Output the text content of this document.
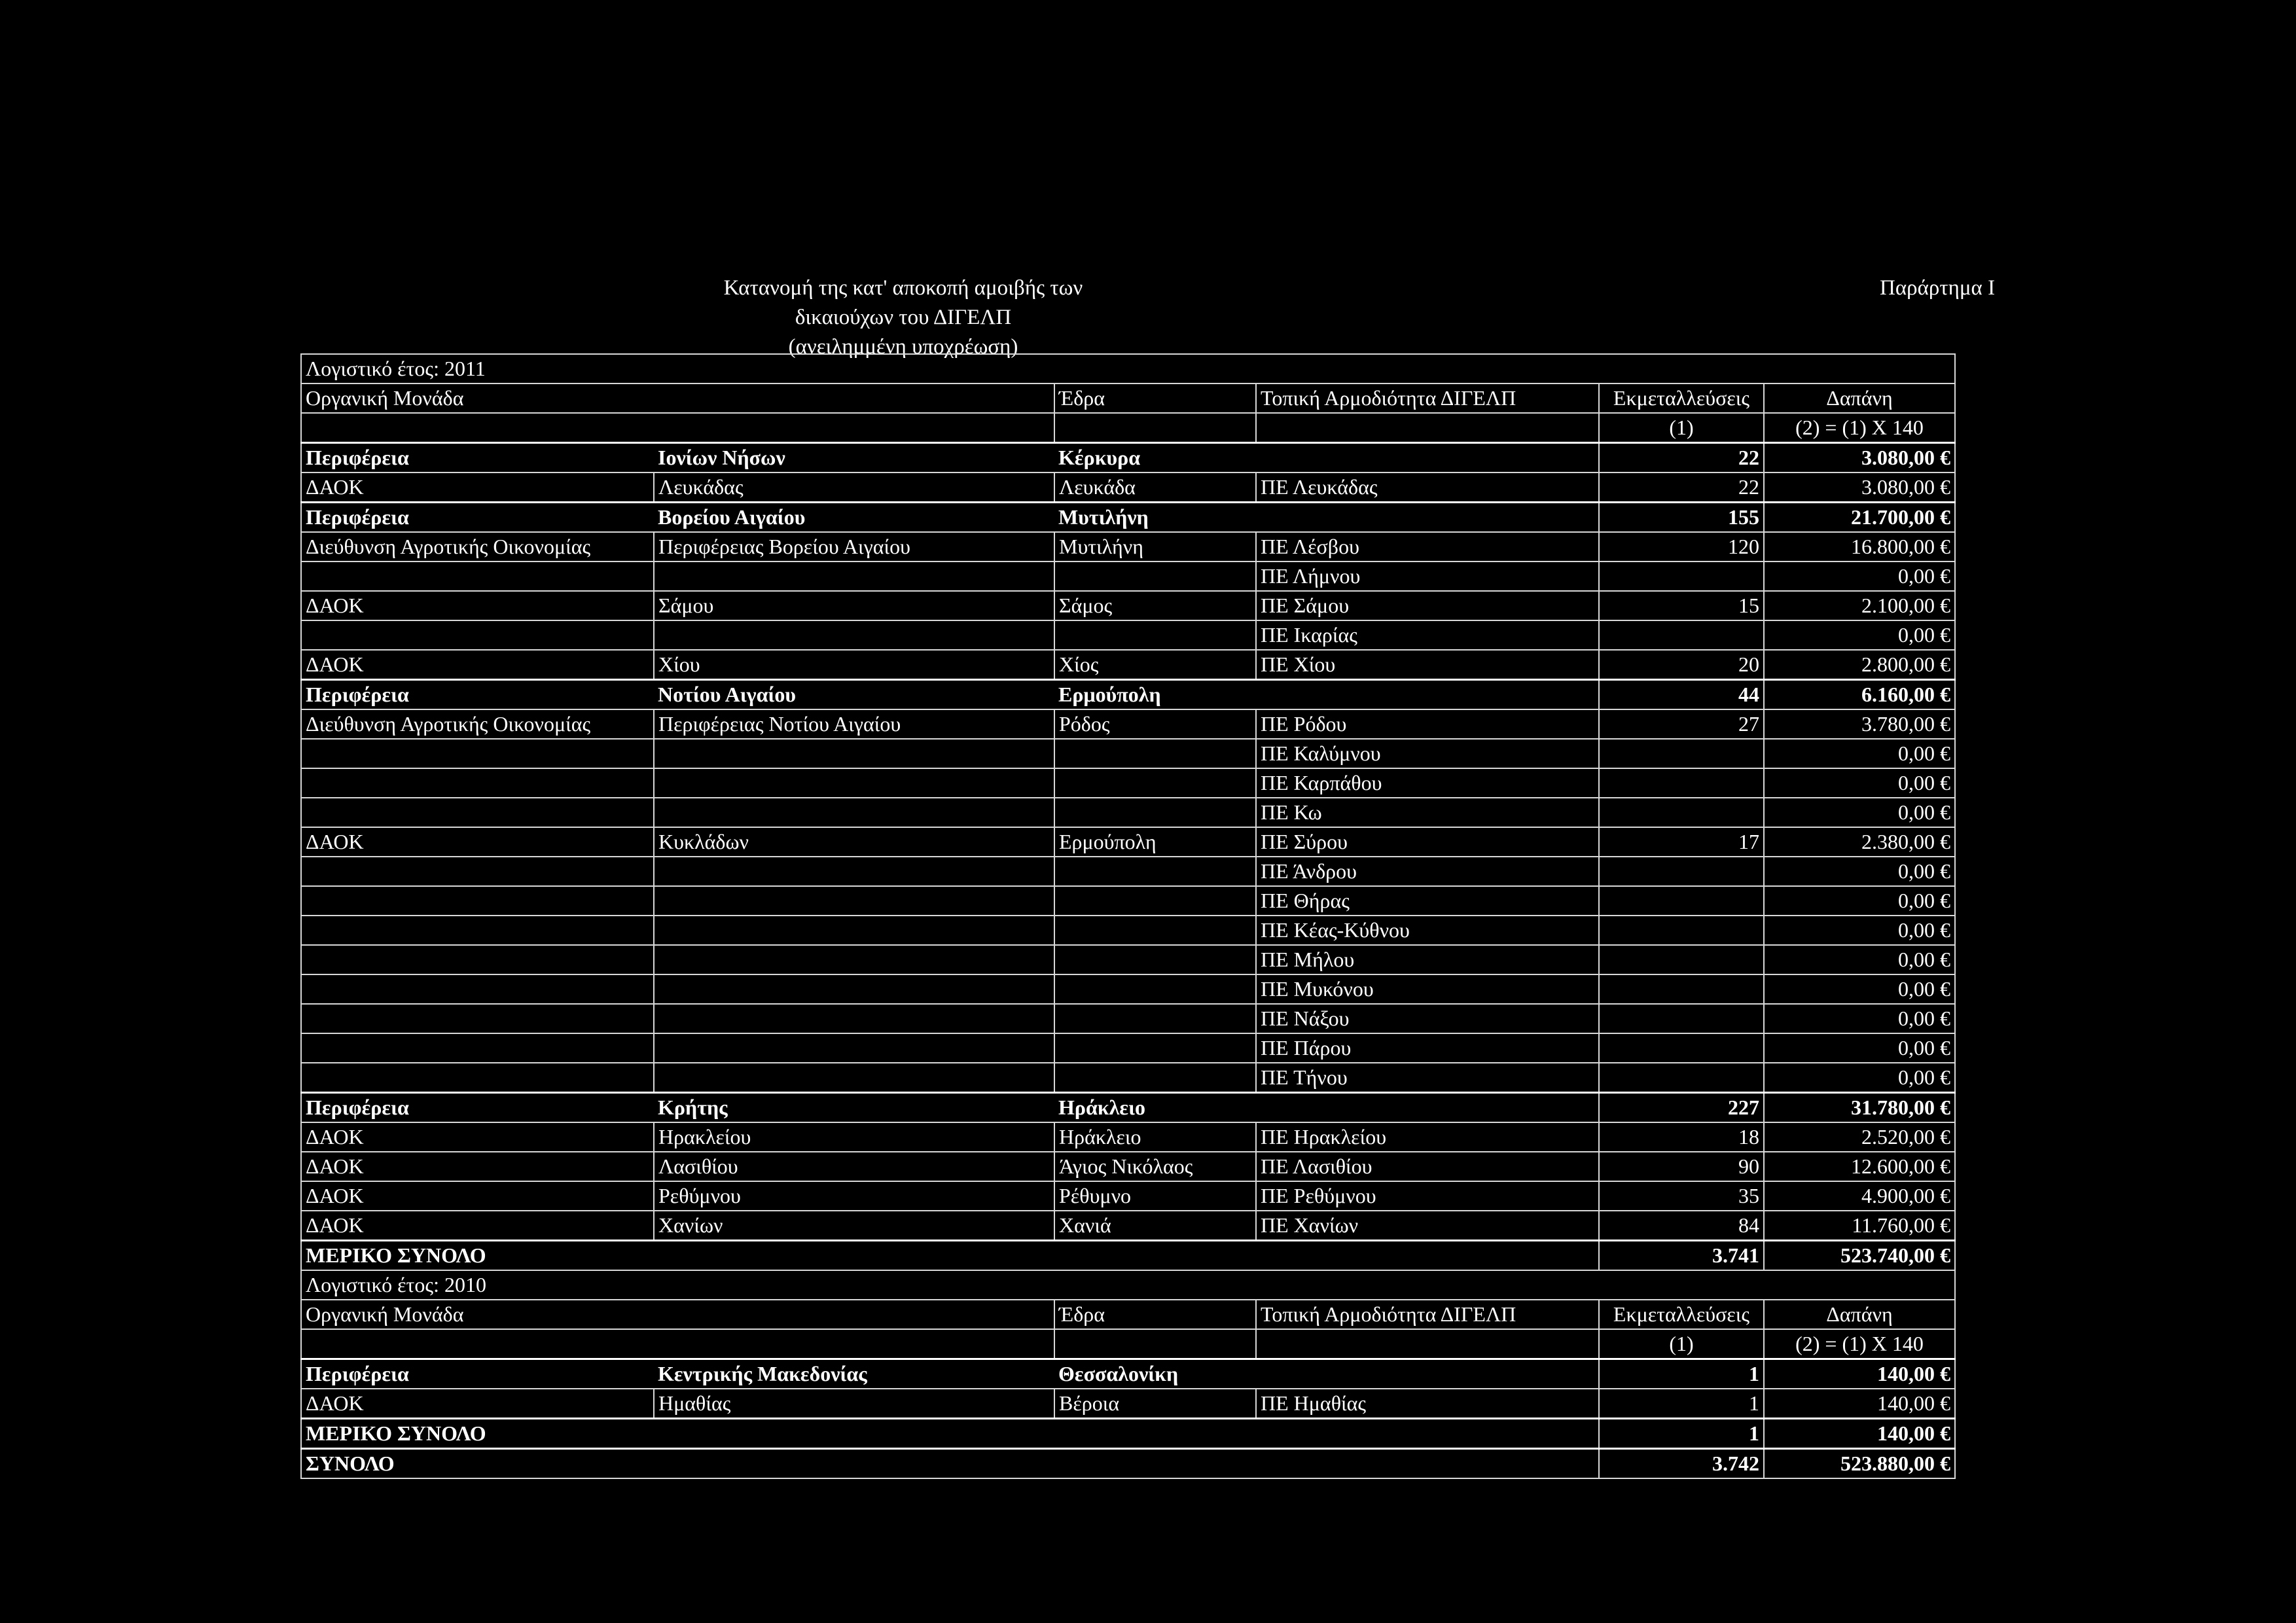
Κατανομή της κατ' αποκοπή αμοιβής των δικαιούχων του ΔΙΓΕΛΠ
(ανειλημμένη υποχρέωση)
Παράρτημα Ι
Λογιστικό έτος: 2011					
Οργανική Μονάδα		Έδρα	Τοπική Αρμοδιότητα ΔΙΓΕΛΠ	Εκμεταλλεύσεις	Δαπάνη
				(1)	(2) = (1) Χ 140
Περιφέρεια	Ιονίων Νήσων	Κέρκυρα		22	3.080,00 €
ΔΑΟΚ	Λευκάδας	Λευκάδα	ΠΕ Λευκάδας	22	3.080,00 €
Περιφέρεια	Βορείου Αιγαίου	Μυτιλήνη		155	21.700,00 €
Διεύθυνση Αγροτικής Οικονομίας	Περιφέρειας Βορείου Αιγαίου	Μυτιλήνη	ΠΕ Λέσβου	120	16.800,00 €
			ΠΕ Λήμνου		0,00 €
ΔΑΟΚ	Σάμου	Σάμος	ΠΕ Σάμου	15	2.100,00 €
			ΠΕ Ικαρίας		0,00 €
ΔΑΟΚ	Χίου	Χίος	ΠΕ Χίου	20	2.800,00 €
Περιφέρεια	Νοτίου Αιγαίου	Ερμούπολη		44	6.160,00 €
Διεύθυνση Αγροτικής Οικονομίας	Περιφέρειας Νοτίου Αιγαίου	Ρόδος	ΠΕ Ρόδου	27	3.780,00 €
			ΠΕ Καλύμνου		0,00 €
			ΠΕ Καρπάθου		0,00 €
			ΠΕ Κω		0,00 €
ΔΑΟΚ	Κυκλάδων	Ερμούπολη	ΠΕ Σύρου	17	2.380,00 €
			ΠΕ Άνδρου		0,00 €
			ΠΕ Θήρας		0,00 €
			ΠΕ Κέας-Κύθνου		0,00 €
			ΠΕ Μήλου		0,00 €
			ΠΕ Μυκόνου		0,00 €
			ΠΕ Νάξου		0,00 €
			ΠΕ Πάρου		0,00 €
			ΠΕ Τήνου		0,00 €
Περιφέρεια	Κρήτης	Ηράκλειο		227	31.780,00 €
ΔΑΟΚ	Ηρακλείου	Ηράκλειο	ΠΕ Ηρακλείου	18	2.520,00 €
ΔΑΟΚ	Λασιθίου	Άγιος Νικόλαος	ΠΕ Λασιθίου	90	12.600,00 €
ΔΑΟΚ	Ρεθύμνου	Ρέθυμνο	ΠΕ Ρεθύμνου	35	4.900,00 €
ΔΑΟΚ	Χανίων	Χανιά	ΠΕ Χανίων	84	11.760,00 €
ΜΕΡΙΚΟ ΣΥΝΟΛΟ				3.741	523.740,00 €
Λογιστικό έτος: 2010					
Οργανική Μονάδα		Έδρα	Τοπική Αρμοδιότητα ΔΙΓΕΛΠ	Εκμεταλλεύσεις	Δαπάνη
				(1)	(2) = (1) Χ 140
Περιφέρεια	Κεντρικής Μακεδονίας	Θεσσαλονίκη		1	140,00 €
ΔΑΟΚ	Ημαθίας	Βέροια	ΠΕ Ημαθίας	1	140,00 €
ΜΕΡΙΚΟ ΣΥΝΟΛΟ				1	140,00 €
ΣΥΝΟΛΟ				3.742	523.880,00 €
